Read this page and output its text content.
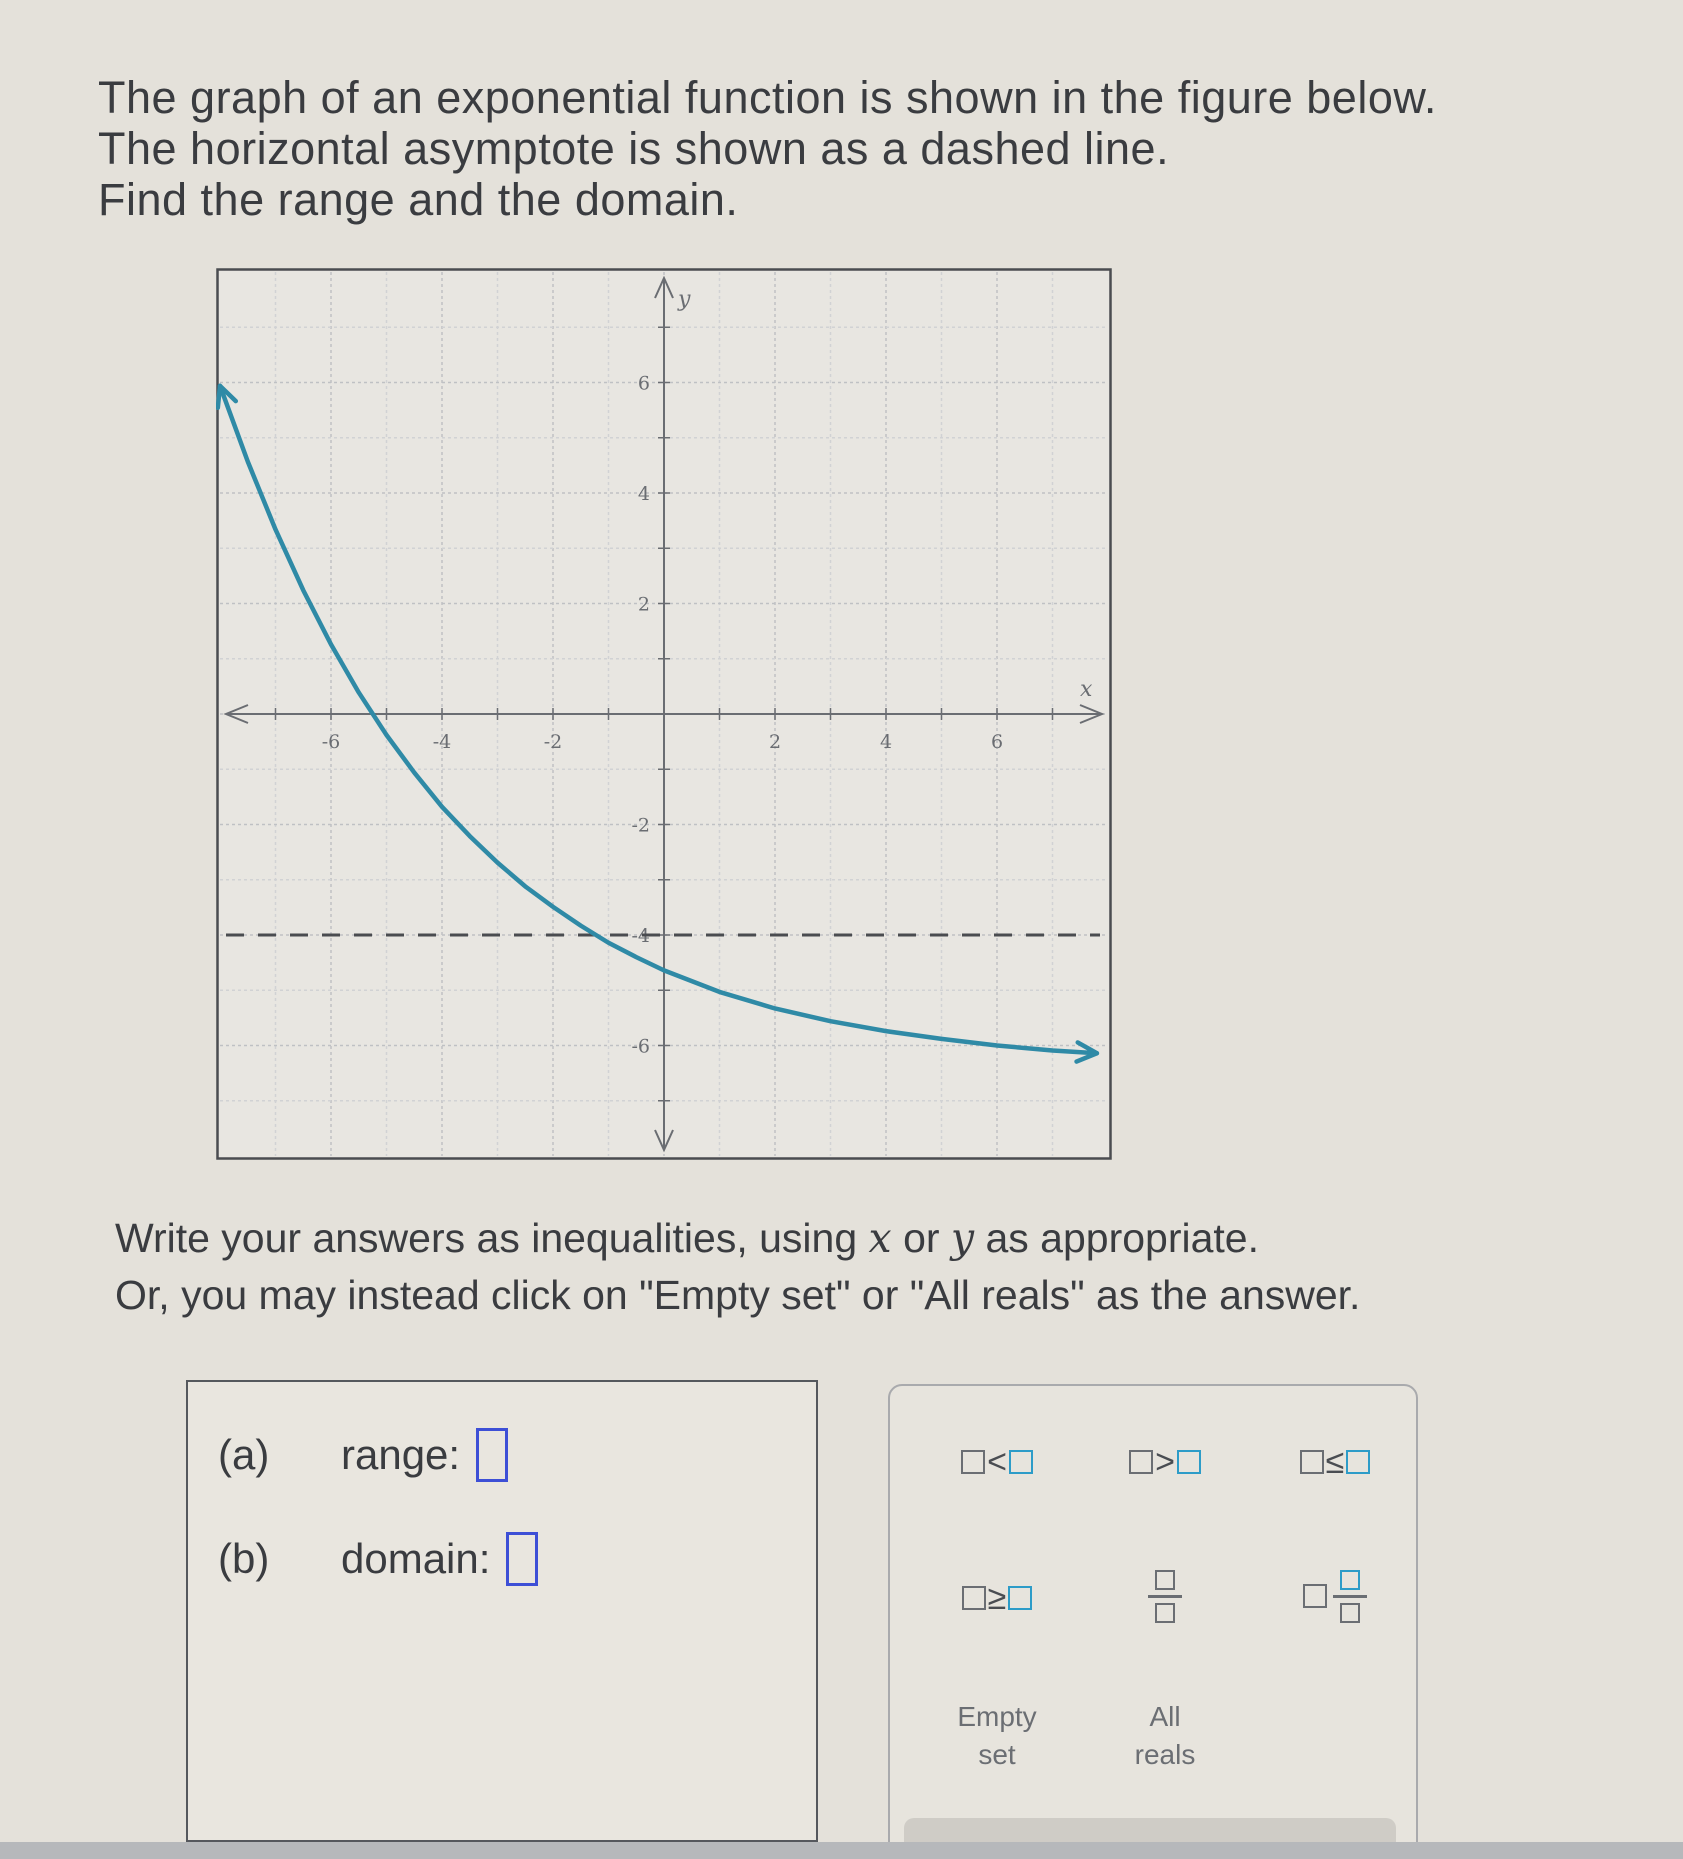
The graph of an exponential function is shown in the figure below.
The horizontal asymptote is shown as a dashed line.
Find the range and the domain.
-6	-4	-2	2	4	6
6
4
2
-2
-4
-6
x
y
Write your answers as inequalities, using x or y as appropriate.
Or, you may instead click on "Empty set" or "All reals" as the answer.
(a)	range:
(b)	domain:
<	>	≤
≥
Empty
set
All
reals
